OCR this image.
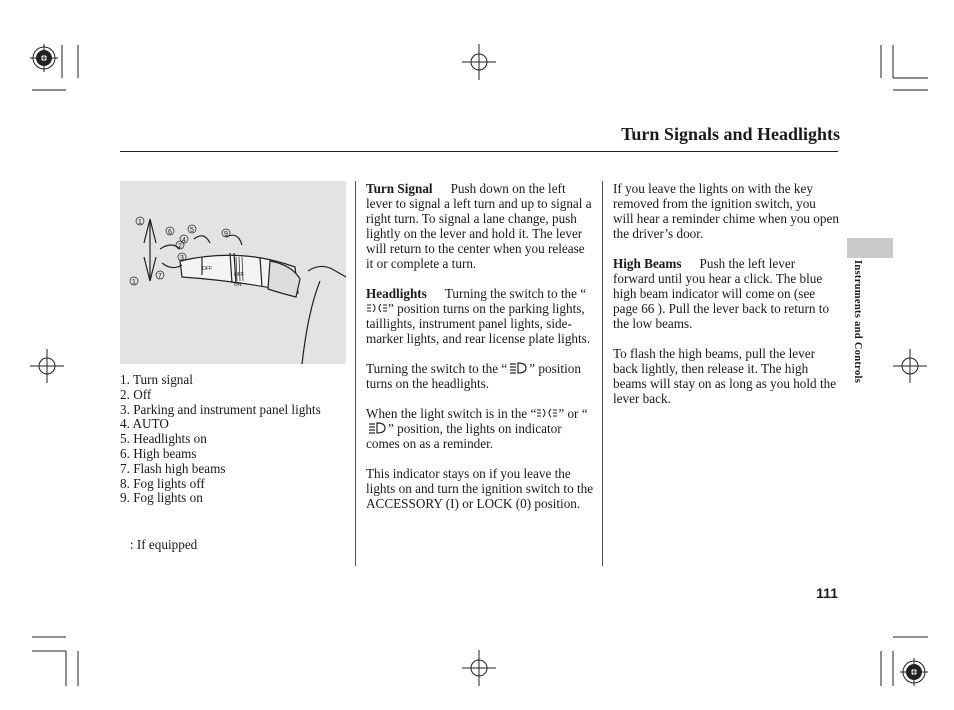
Turn Signals and Headlights
1
1
2
3
4
5
6
7
9
OFF
OFF
ON
1. Turn signal
2. Off
3. Parking and instrument panel lights
4. AUTO
5. Headlights on
6. High beams
7. Flash high beams
8. Fog lights off
9. Fog lights on
: If equipped

Turn Signal Push down on the left lever to signal a left turn and up to signal a right turn. To signal a lane change, push lightly on the lever and hold it. The lever will return to the center when you release it or complete a turn.

Headlights Turning the switch to the “” position turns on the parking lights, taillights, instrument panel lights, side-marker lights, and rear license plate lights.

Turning the switch to the “ ” position turns on the headlights.

When the light switch is in the “ ” or “” position, the lights on indicator comes on as a reminder.

This indicator stays on if you leave the lights on and turn the ignition switch to the ACCESSORY (I) or LOCK (0) position.

If you leave the lights on with the key removed from the ignition switch, you will hear a reminder chime when you open the driver’s door.

High Beams Push the left lever forward until you hear a click. The blue high beam indicator will come on (see page 66 ). Pull the lever back to return to the low beams.

To flash the high beams, pull the lever back lightly, then release it. The high beams will stay on as long as you hold the lever back.

Instruments and Controls
111
